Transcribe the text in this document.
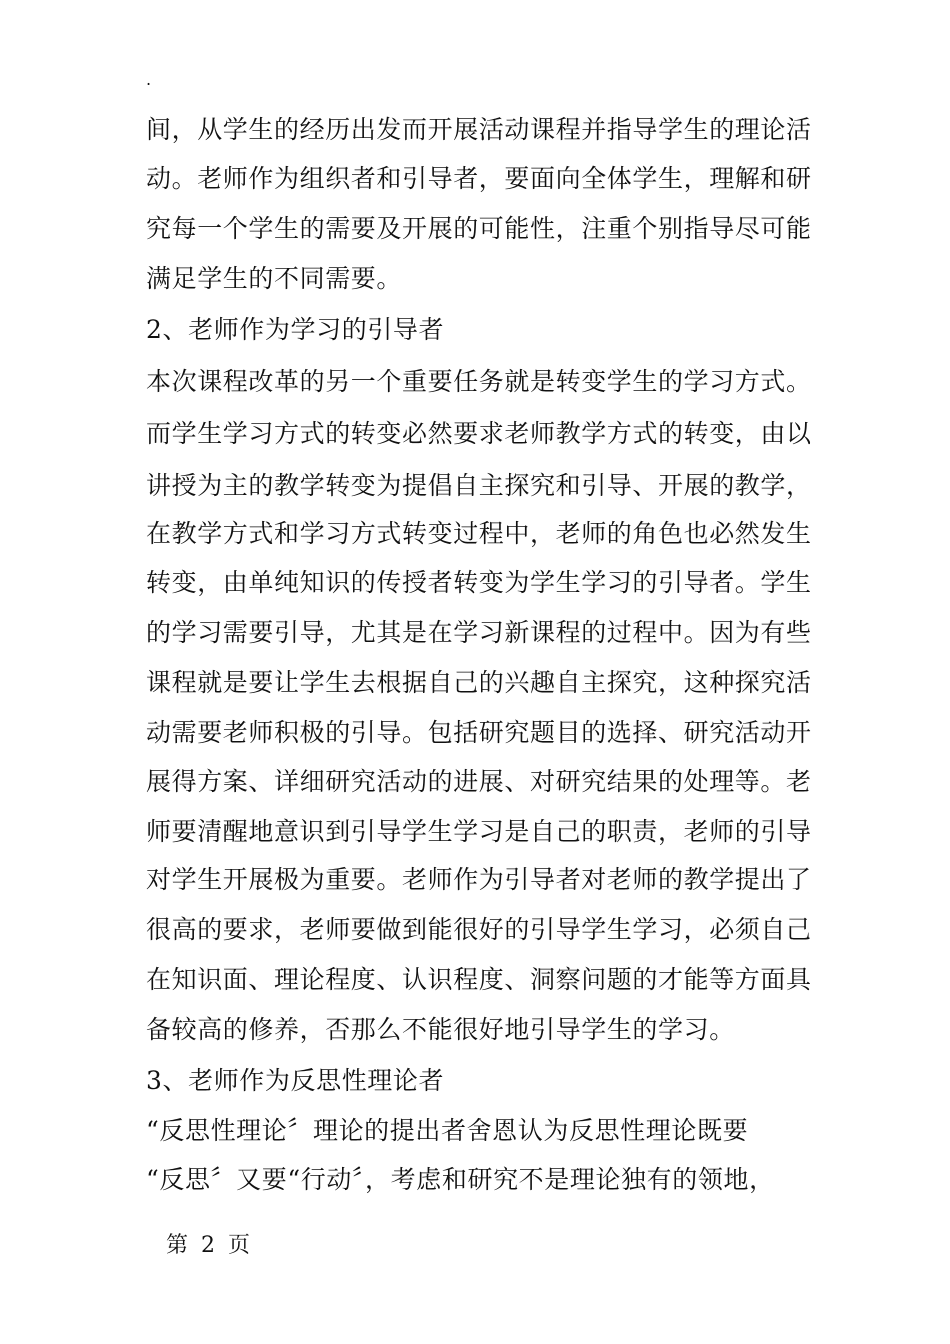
.
间，从学生的经历出发而开展活动课程并指导学生的理论活
动。老师作为组织者和引导者，要面向全体学生，理解和研
究每一个学生的需要及开展的可能性，注重个别指导尽可能
满足学生的不同需要。
2、老师作为学习的引导者
本次课程改革的另一个重要任务就是转变学生的学习方式。
而学生学习方式的转变必然要求老师教学方式的转变，由以
讲授为主的教学转变为提倡自主探究和引导、开展的教学，
在教学方式和学习方式转变过程中，老师的角色也必然发生
转变，由单纯知识的传授者转变为学生学习的引导者。学生
的学习需要引导，尤其是在学习新课程的过程中。因为有些
课程就是要让学生去根据自己的兴趣自主探究，这种探究活
动需要老师积极的引导。包括研究题目的选择、研究活动开
展得方案、详细研究活动的进展、对研究结果的处理等。老
师要清醒地意识到引导学生学习是自己的职责，老师的引导
对学生开展极为重要。老师作为引导者对老师的教学提出了
很高的要求，老师要做到能很好的引导学生学习，必须自己
在知识面、理论程度、认识程度、洞察问题的才能等方面具
备较高的修养，否那么不能很好地引导学生的学习。
3、老师作为反思性理论者
“反思性理论〞理论的提出者舍恩认为反思性理论既要
“反思〞又要“行动〞，考虑和研究不是理论独有的领地，
第 2 页
